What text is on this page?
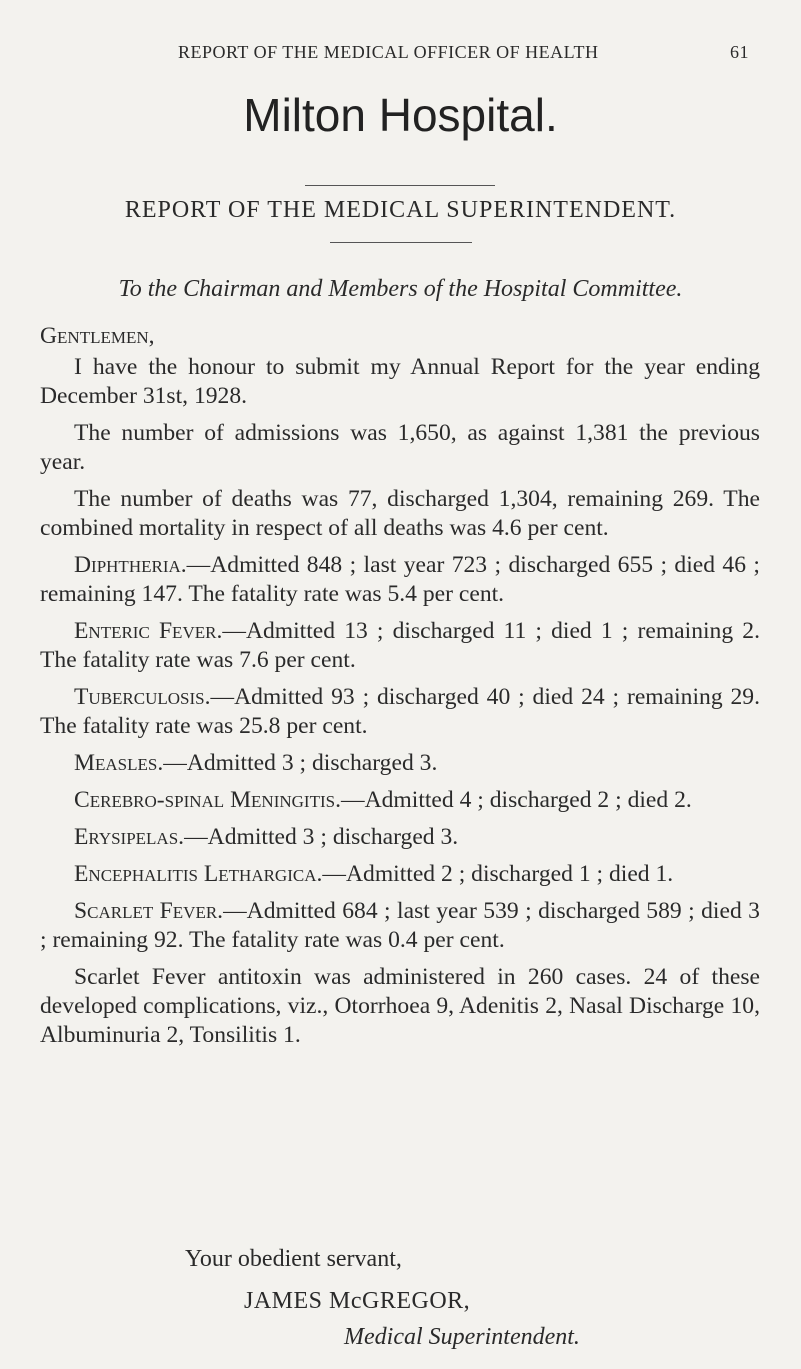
REPORT OF THE MEDICAL OFFICER OF HEALTH	61
Milton Hospital.
REPORT OF THE MEDICAL SUPERINTENDENT.
To the Chairman and Members of the Hospital Committee.

Gentlemen,

I have the honour to submit my Annual Report for the year ending December 31st, 1928.

The number of admissions was 1,650, as against 1,381 the previous year.

The number of deaths was 77, discharged 1,304, remaining 269. The combined mortality in respect of all deaths was 4.6 per cent.

Diphtheria.—Admitted 848 ; last year 723 ; discharged 655 ; died 46 ; remaining 147. The fatality rate was 5.4 per cent.

Enteric Fever.—Admitted 13 ; discharged 11 ; died 1 ; remaining 2. The fatality rate was 7.6 per cent.

Tuberculosis.—Admitted 93 ; discharged 40 ; died 24 ; remaining 29. The fatality rate was 25.8 per cent.

Measles.—Admitted 3 ; discharged 3.

Cerebro-spinal Meningitis.—Admitted 4 ; discharged 2 ; died 2.

Erysipelas.—Admitted 3 ; discharged 3.

Encephalitis Lethargica.—Admitted 2 ; discharged 1 ; died 1.

Scarlet Fever.—Admitted 684 ; last year 539 ; discharged 589 ; died 3 ; remaining 92. The fatality rate was 0.4 per cent.

Scarlet Fever antitoxin was administered in 260 cases. 24 of these developed complications, viz., Otorrhoea 9, Adenitis 2, Nasal Discharge 10, Albuminuria 2, Tonsilitis 1.

Your obedient servant,
JAMES McGREGOR,
Medical Superintendent.
